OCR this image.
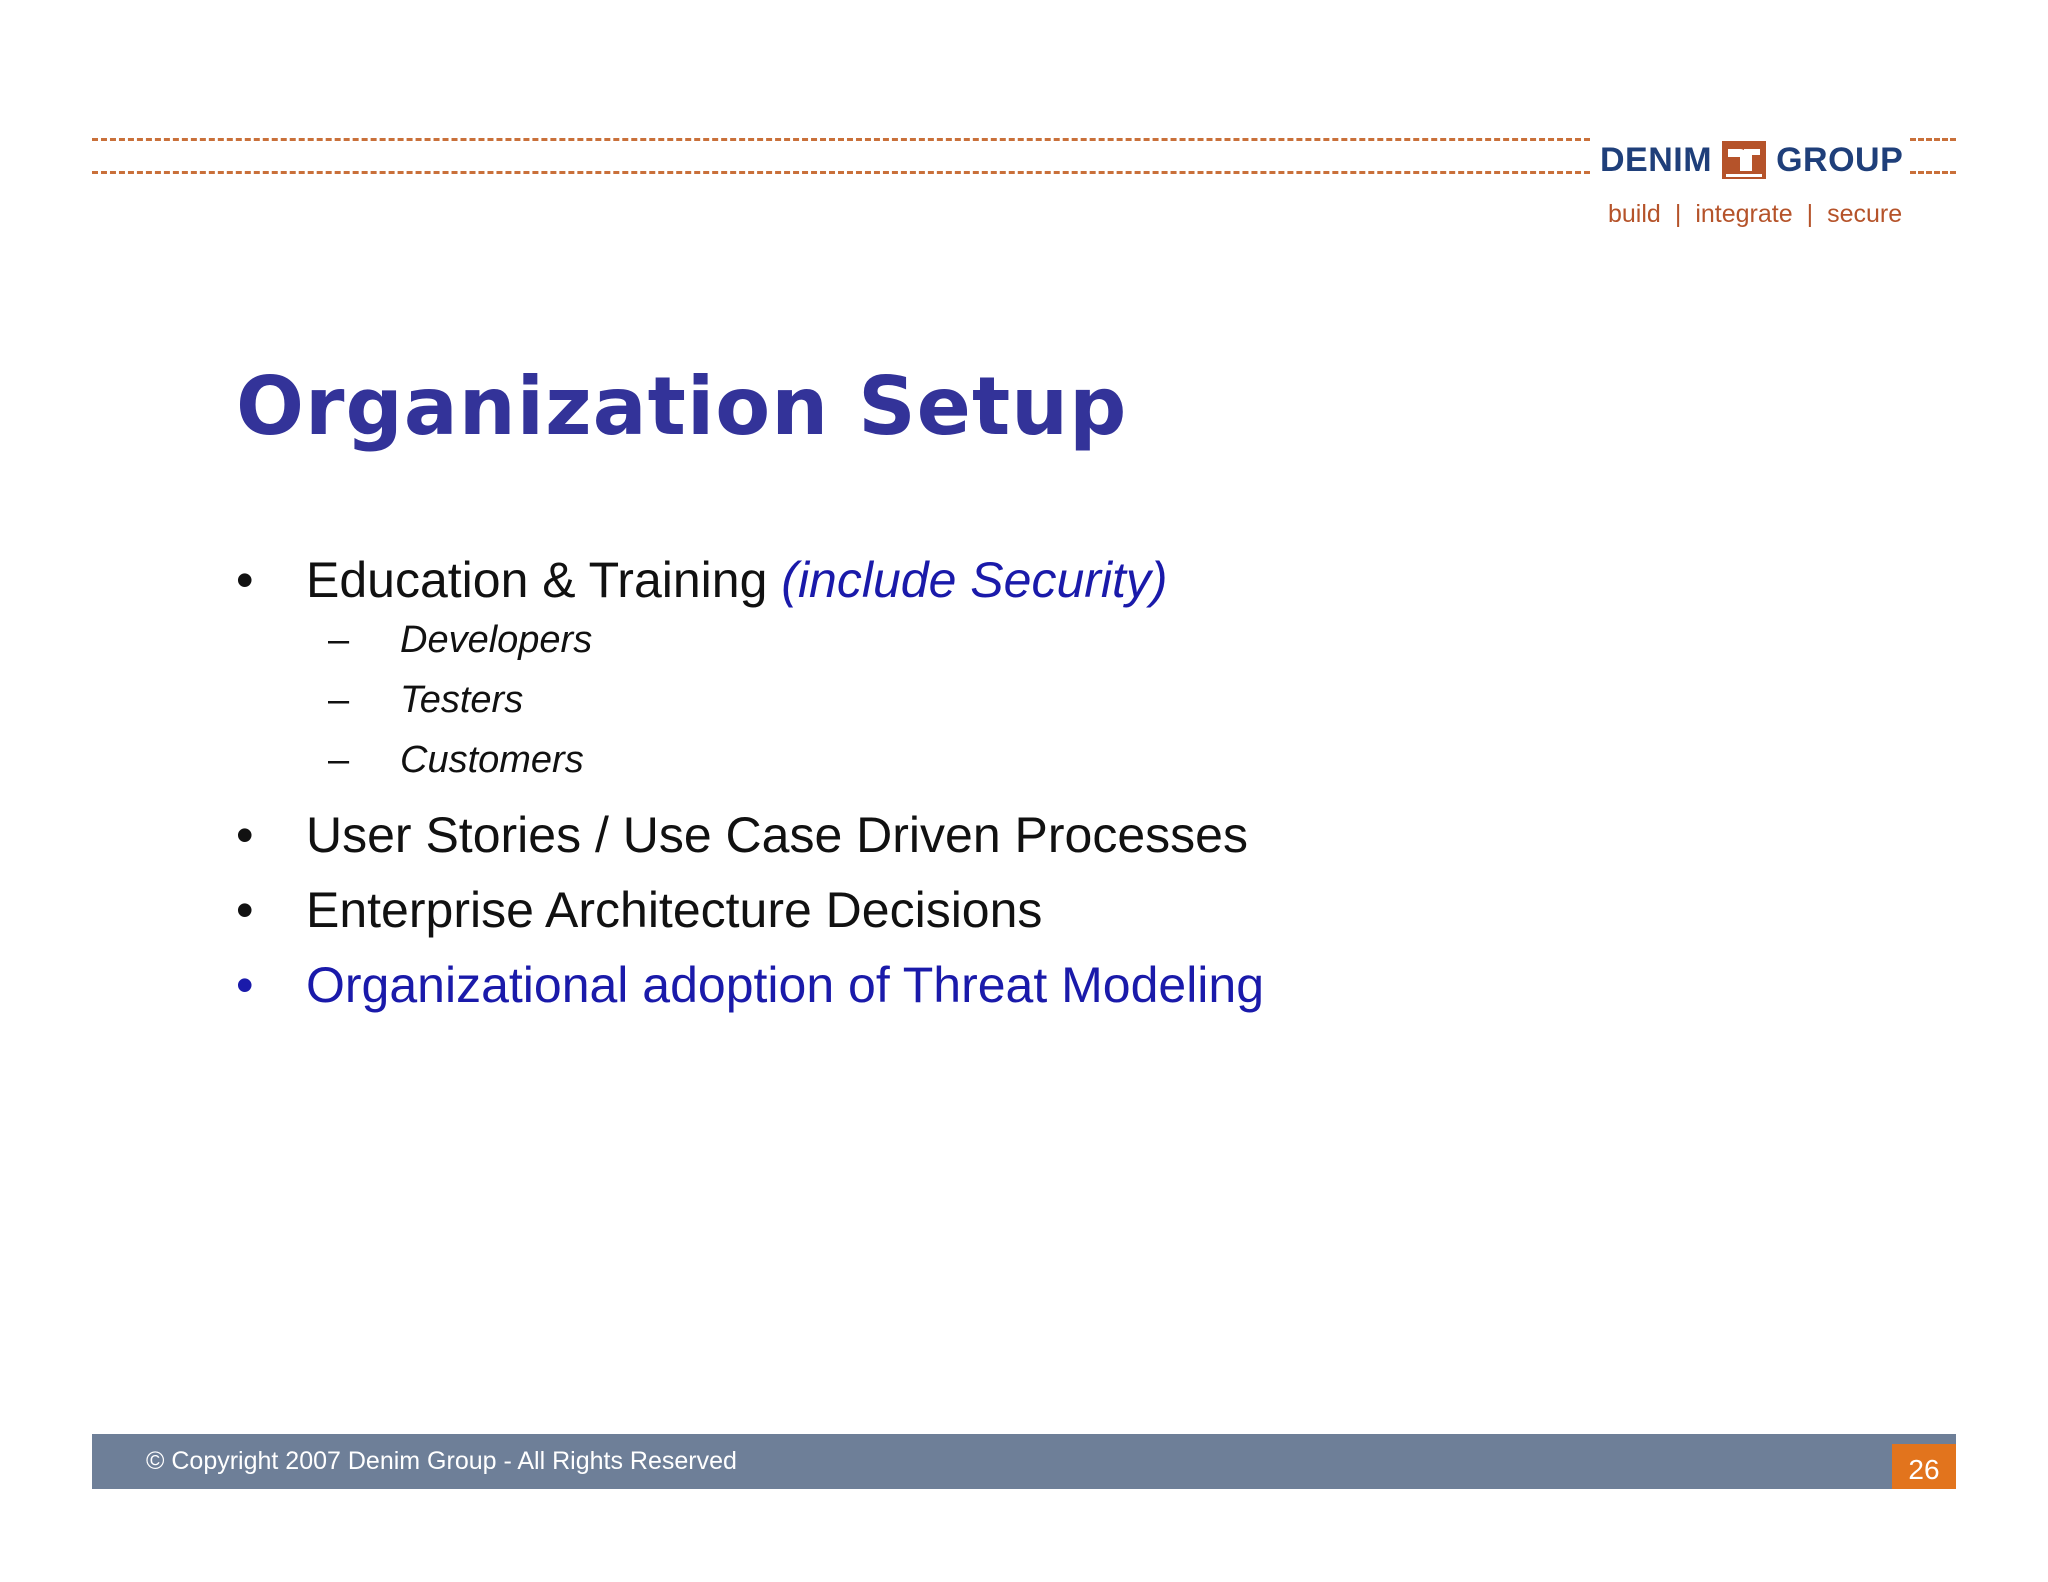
DENIM GROUP
build | integrate | secure
Organization Setup
• Education & Training (include Security)
– Developers
– Testers
– Customers
• User Stories / Use Case Driven Processes
• Enterprise Architecture Decisions
• Organizational adoption of Threat Modeling
© Copyright 2007 Denim Group - All Rights Reserved	26
